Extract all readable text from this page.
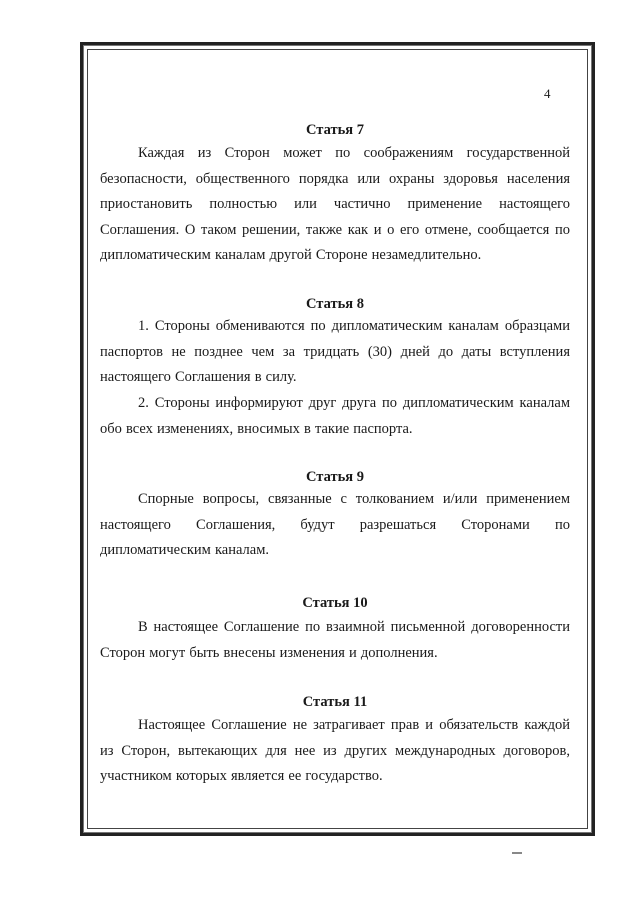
4
Статья 7
Каждая из Сторон может по соображениям государственной безопасности, общественного порядка или охраны здоровья населения приостановить полностью или частично применение настоящего Соглашения. О таком решении, также как и о его отмене, сообщается по дипломатическим каналам другой Стороне незамедлительно.
Статья 8
1. Стороны обмениваются по дипломатическим каналам образцами паспортов не позднее чем за тридцать (30) дней до даты вступления настоящего Соглашения в силу.
2. Стороны информируют друг друга по дипломатическим каналам обо всех изменениях, вносимых в такие паспорта.
Статья 9
Спорные вопросы, связанные с толкованием и/или применением настоящего Соглашения, будут разрешаться Сторонами по дипломатическим каналам.
Статья 10
В настоящее Соглашение по взаимной письменной договоренности Сторон могут быть внесены изменения и дополнения.
Статья 11
Настоящее Соглашение не затрагивает прав и обязательств каждой из Сторон, вытекающих для нее из других международных договоров, участником которых является ее государство.
